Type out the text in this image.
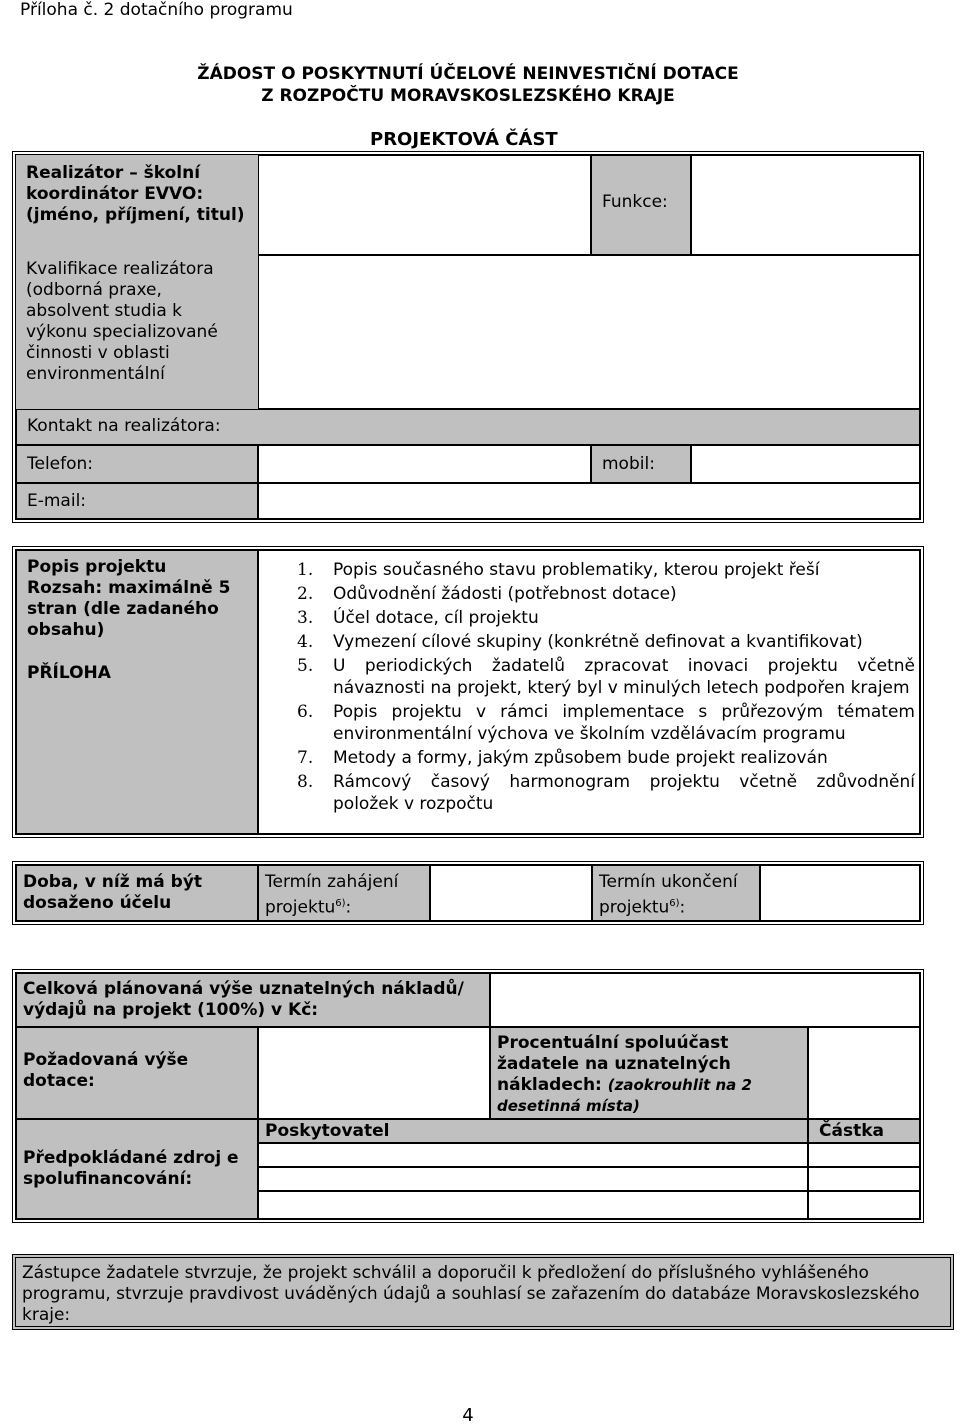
Příloha č. 2 dotačního programu
ŽÁDOST O POSKYTNUTÍ ÚČELOVÉ NEINVESTIČNÍ DOTACE
Z ROZPOČTU MORAVSKOSLEZSKÉHO KRAJE
PROJEKTOVÁ ČÁST
Realizátor – školní koordinátor EVVO: (jméno, příjmení, titul)
Funkce:
Kvalifikace realizátora (odborná praxe, absolvent studia k výkonu specializované činnosti v oblasti environmentální
Kontakt na realizátora:
Telefon:	mobil:
E-mail:
Popis projektu Rozsah: maximálně 5 stran (dle zadaného obsahu)
PŘÍLOHA
1. Popis současného stavu problematiky, kterou projekt řeší
2. Odůvodnění žádosti (potřebnost dotace)
3. Účel dotace, cíl projektu
4. Vymezení cílové skupiny (konkrétně definovat a kvantifikovat)
5. U periodických žadatelů zpracovat inovaci projektu včetně návaznosti na projekt, který byl v minulých letech podpořen krajem
6. Popis projektu v rámci implementace s průřezovým tématem environmentální výchova ve školním vzdělávacím programu
7. Metody a formy, jakým způsobem bude projekt realizován
8. Rámcový časový harmonogram projektu včetně zdůvodnění položek v rozpočtu
Doba, v níž má být dosaženo účelu
Termín zahájení projektu$^{6)}$:
Termín ukončení projektu$^{6)}$:
Celková plánovaná výše uznatelných nákladů/ výdajů na projekt (100%) v Kč:
Požadovaná výše dotace:
Procentuální spoluúčast žadatele na uznatelných nákladech: (zaokrouhlit na 2 desetinná místa)
Předpokládané zdroj e spolufinancování:
Poskytovatel	Částka
Zástupce žadatele stvrzuje, že projekt schválil a doporučil k předložení do příslušného vyhlášeného programu, stvrzuje pravdivost uváděných údajů a souhlasí se zařazením do databáze Moravskoslezského kraje:
4
